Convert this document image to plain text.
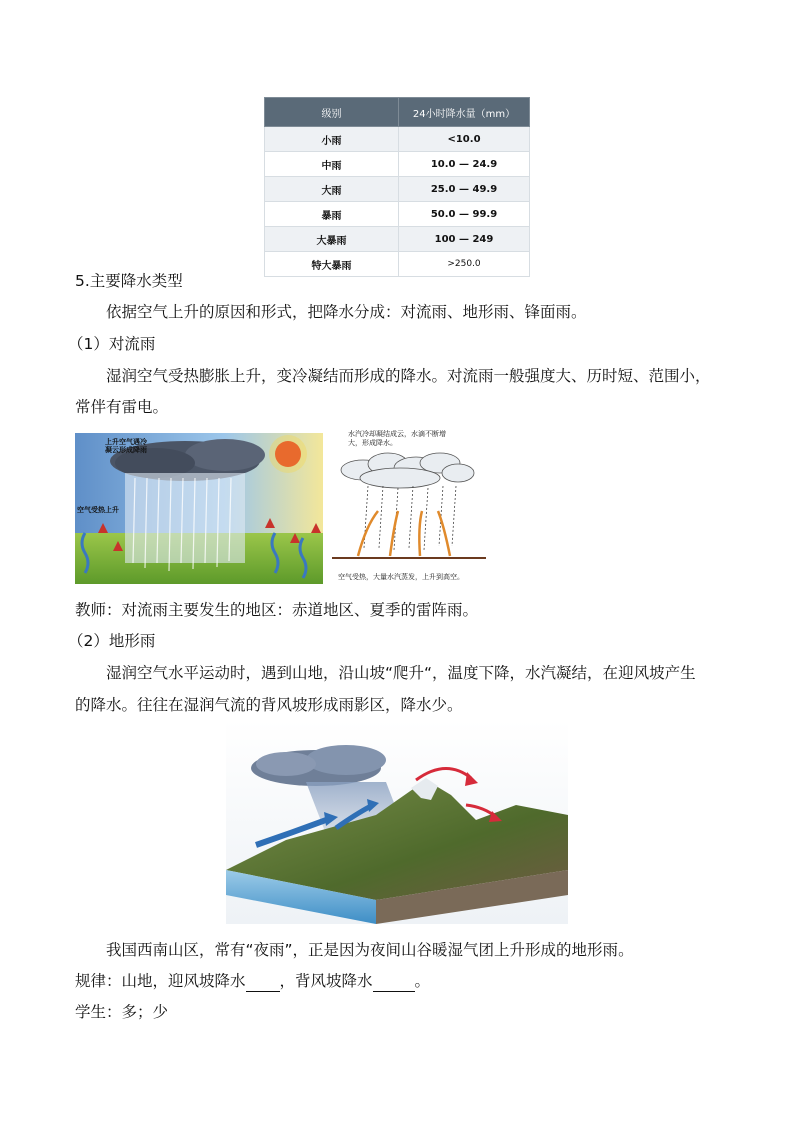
级别	24小时降水量（mm）
小雨	<10.0
中雨	10.0 — 24.9
大雨	25.0 — 49.9
暴雨	50.0 — 99.9
大暴雨	100 — 249
特大暴雨	>250.0
5.主要降水类型
依据空气上升的原因和形式，把降水分成：对流雨、地形雨、锋面雨。
（1）对流雨
湿润空气受热膨胀上升，变冷凝结而形成的降水。对流雨一般强度大、历时短、范围小，
常伴有雷电。
上升空气遇冷
凝云形成降雨
空气受热上升
水汽冷却凝结成云，水滴不断增
大，形成降水。
空气受热，大量水汽蒸发，上升到高空。
教师：对流雨主要发生的地区：赤道地区、夏季的雷阵雨。
（2）地形雨
湿润空气水平运动时，遇到山地，沿山坡“爬升“，温度下降，水汽凝结，在迎风坡产生
的降水。往往在湿润气流的背风坡形成雨影区，降水少。
我国西南山区，常有“夜雨”，正是因为夜间山谷暖湿气团上升形成的地形雨。
规律：山地，迎风坡降水 ，背风坡降水	。
学生：多；少
